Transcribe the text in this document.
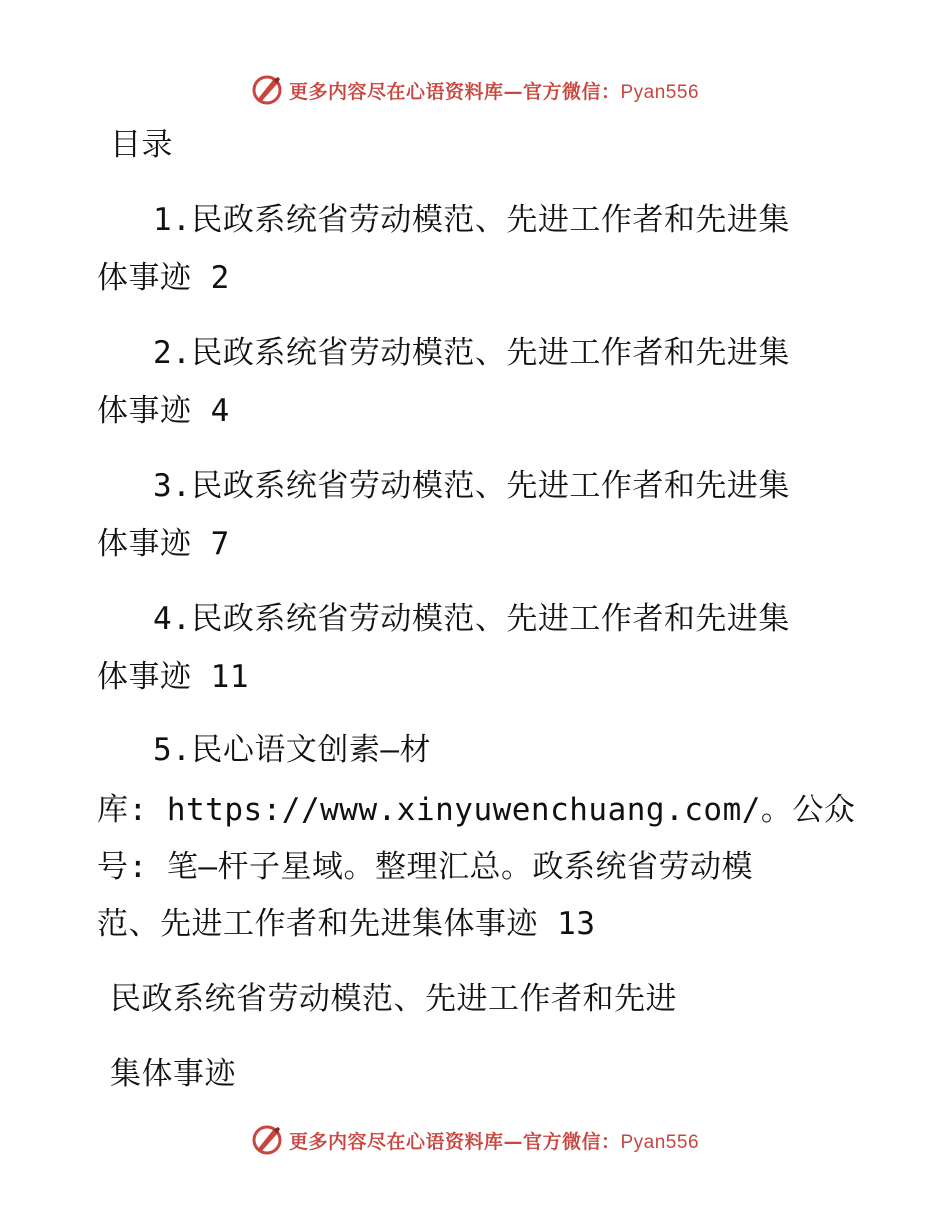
更多内容尽在心语资料库—官方微信：Pyan556

目录

1.民政系统省劳动模范、先进工作者和先进集

体事迹 2

2.民政系统省劳动模范、先进工作者和先进集

体事迹 4

3.民政系统省劳动模范、先进工作者和先进集

体事迹 7

4.民政系统省劳动模范、先进工作者和先进集

体事迹 11

5.民心语文创素—材

库: https://www.xinyuwenchuang.com/。公众

号: 笔—杆子星域。整理汇总。政系统省劳动模

范、先进工作者和先进集体事迹 13

民政系统省劳动模范、先进工作者和先进

集体事迹

更多内容尽在心语资料库—官方微信：Pyan556
